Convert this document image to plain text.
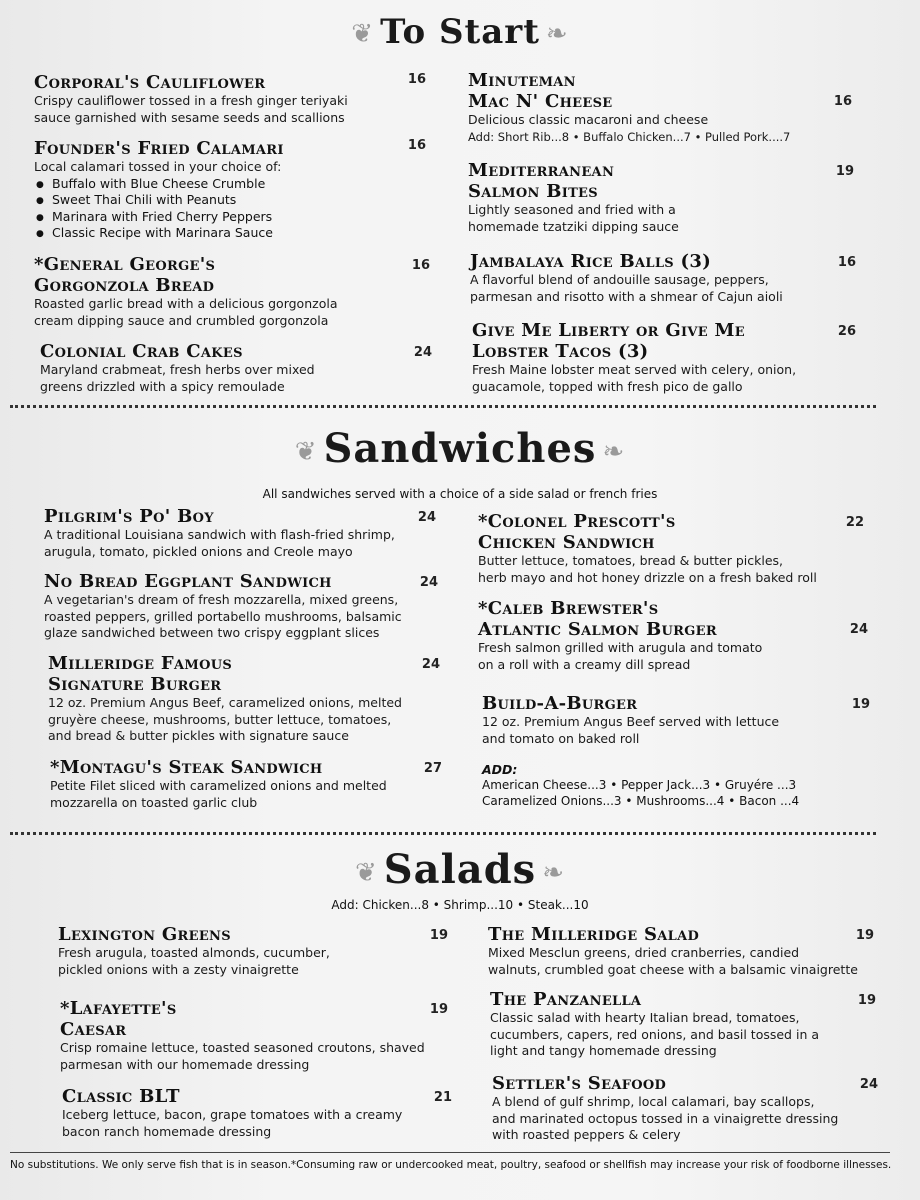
❦ To Start ❧
Corporal's Cauliflower	16
Crispy cauliflower tossed in a fresh ginger teriyaki
sauce garnished with sesame seeds and scallions
Founder's Fried Calamari	16
Local calamari tossed in your choice of:
● Buffalo with Blue Cheese Crumble
● Sweet Thai Chili with Peanuts
● Marinara with Fried Cherry Peppers
● Classic Recipe with Marinara Sauce
*General George's
Gorgonzola Bread
16
Roasted garlic bread with a delicious gorgonzola
cream dipping sauce and crumbled gorgonzola
Colonial Crab Cakes	24
Maryland crabmeat, fresh herbs over mixed
greens drizzled with a spicy remoulade
Minuteman
Mac N' Cheese	16
Delicious classic macaroni and cheese
Add: Short Rib...8 • Buffalo Chicken...7 • Pulled Pork....7
Mediterranean
Salmon Bites
19
Lightly seasoned and fried with a
homemade tzatziki dipping sauce
Jambalaya Rice Balls (3)	16
A flavorful blend of andouille sausage, peppers,
parmesan and risotto with a shmear of Cajun aioli
Give Me Liberty or Give Me
Lobster Tacos (3)
26
Fresh Maine lobster meat served with celery, onion,
guacamole, topped with fresh pico de gallo
❦ Sandwiches ❧
All sandwiches served with a choice of a side salad or french fries
Pilgrim's Po' Boy	24
A traditional Louisiana sandwich with flash-fried shrimp,
arugula, tomato, pickled onions and Creole mayo
No Bread Eggplant Sandwich	24
A vegetarian's dream of fresh mozzarella, mixed greens,
roasted peppers, grilled portabello mushrooms, balsamic
glaze sandwiched between two crispy eggplant slices
Milleridge Famous
Signature Burger
24
12 oz. Premium Angus Beef, caramelized onions, melted
gruyère cheese, mushrooms, butter lettuce, tomatoes,
and bread & butter pickles with signature sauce
*Montagu's Steak Sandwich	27
Petite Filet sliced with caramelized onions and melted
mozzarella on toasted garlic club
*Colonel Prescott's
Chicken Sandwich
22
Butter lettuce, tomatoes, bread & butter pickles,
herb mayo and hot honey drizzle on a fresh baked roll
*Caleb Brewster's
Atlantic Salmon Burger	24
Fresh salmon grilled with arugula and tomato
on a roll with a creamy dill spread
Build-A-Burger	19
12 oz. Premium Angus Beef served with lettuce
and tomato on baked roll
ADD:
American Cheese...3 • Pepper Jack...3 • Gruyére ...3
Caramelized Onions...3 • Mushrooms...4 • Bacon ...4
❦ Salads ❧
Add: Chicken...8 • Shrimp...10 • Steak...10
Lexington Greens	19
Fresh arugula, toasted almonds, cucumber,
pickled onions with a zesty vinaigrette
*Lafayette's
Caesar
19
Crisp romaine lettuce, toasted seasoned croutons, shaved
parmesan with our homemade dressing
Classic BLT	21
Iceberg lettuce, bacon, grape tomatoes with a creamy
bacon ranch homemade dressing
The Milleridge Salad	19
Mixed Mesclun greens, dried cranberries, candied
walnuts, crumbled goat cheese with a balsamic vinaigrette
The Panzanella	19
Classic salad with hearty Italian bread, tomatoes,
cucumbers, capers, red onions, and basil tossed in a
light and tangy homemade dressing
Settler's Seafood	24
A blend of gulf shrimp, local calamari, bay scallops,
and marinated octopus tossed in a vinaigrette dressing
with roasted peppers & celery
No substitutions. We only serve fish that is in season.*Consuming raw or undercooked meat, poultry, seafood or shellfish may increase your risk of foodborne illnesses.
